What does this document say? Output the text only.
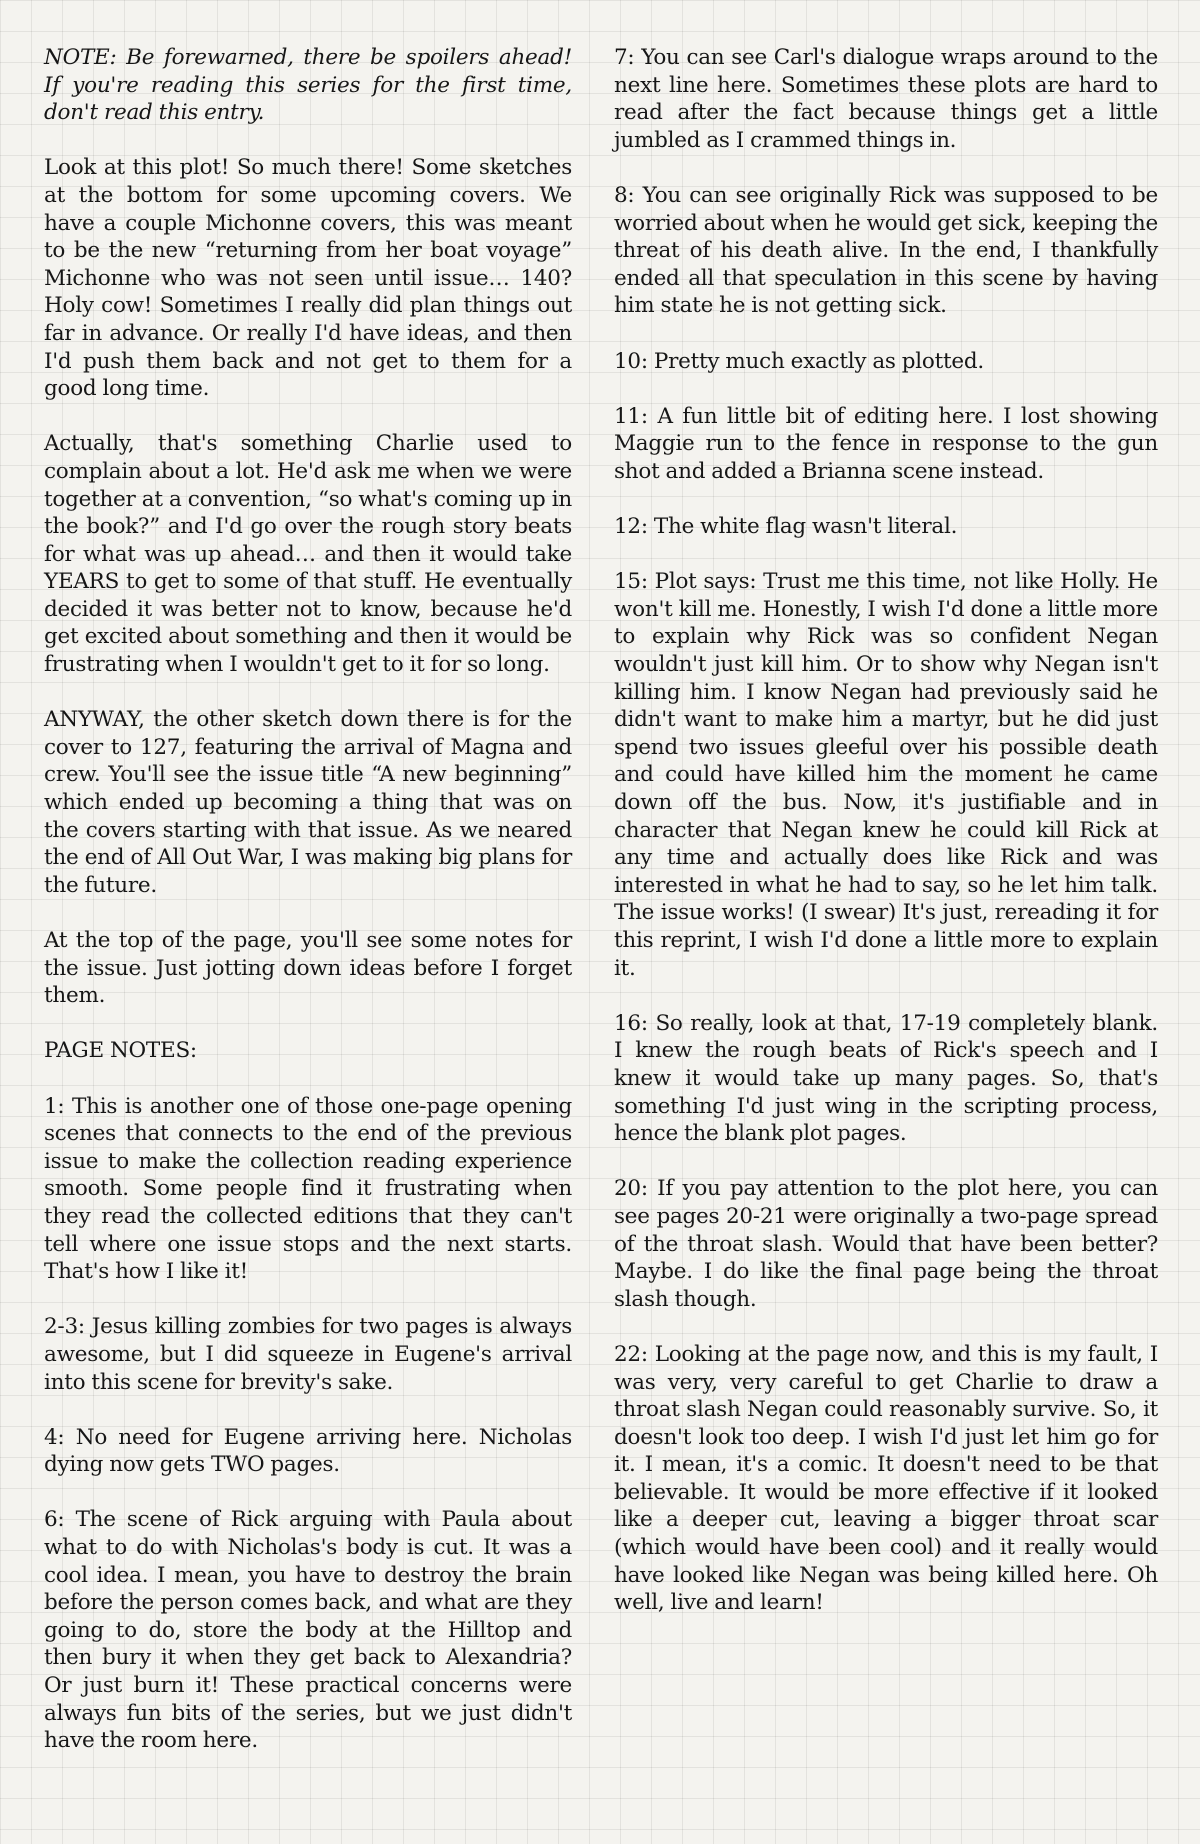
NOTE: Be forewarned, there be spoilers ahead! If you're reading this series for the first time, don't read this entry.

Look at this plot! So much there! Some sketches at the bottom for some upcoming covers. We have a couple Michonne covers, this was meant to be the new “returning from her boat voyage” Michonne who was not seen until issue… 140? Holy cow! Sometimes I really did plan things out far in advance. Or really I'd have ideas, and then I'd push them back and not get to them for a good long time.

Actually, that's something Charlie used to complain about a lot. He'd ask me when we were together at a convention, “so what's coming up in the book?” and I'd go over the rough story beats for what was up ahead… and then it would take YEARS to get to some of that stuff. He eventually decided it was better not to know, because he'd get excited about something and then it would be frustrating when I wouldn't get to it for so long.

ANYWAY, the other sketch down there is for the cover to 127, featuring the arrival of Magna and crew. You'll see the issue title “A new beginning” which ended up becoming a thing that was on the covers starting with that issue. As we neared the end of All Out War, I was making big plans for the future.

At the top of the page, you'll see some notes for the issue. Just jotting down ideas before I forget them.

PAGE NOTES:

1: This is another one of those one-page opening scenes that connects to the end of the previous issue to make the collection reading experience smooth. Some people find it frustrating when they read the collected editions that they can't tell where one issue stops and the next starts. That's how I like it!

2-3: Jesus killing zombies for two pages is always awesome, but I did squeeze in Eugene's arrival into this scene for brevity's sake.

4: No need for Eugene arriving here. Nicholas dying now gets TWO pages.

6: The scene of Rick arguing with Paula about what to do with Nicholas's body is cut. It was a cool idea. I mean, you have to destroy the brain before the person comes back, and what are they going to do, store the body at the Hilltop and then bury it when they get back to Alexandria? Or just burn it! These practical concerns were always fun bits of the series, but we just didn't have the room here.

7: You can see Carl's dialogue wraps around to the next line here. Sometimes these plots are hard to read after the fact because things get a little jumbled as I crammed things in.

8: You can see originally Rick was supposed to be worried about when he would get sick, keeping the threat of his death alive. In the end, I thankfully ended all that speculation in this scene by having him state he is not getting sick.

10: Pretty much exactly as plotted.

11: A fun little bit of editing here. I lost showing Maggie run to the fence in response to the gun shot and added a Brianna scene instead.

12: The white flag wasn't literal.

15: Plot says: Trust me this time, not like Holly. He won't kill me. Honestly, I wish I'd done a little more to explain why Rick was so confident Negan wouldn't just kill him. Or to show why Negan isn't killing him. I know Negan had previously said he didn't want to make him a martyr, but he did just spend two issues gleeful over his possible death and could have killed him the moment he came down off the bus. Now, it's justifiable and in character that Negan knew he could kill Rick at any time and actually does like Rick and was interested in what he had to say, so he let him talk. The issue works! (I swear) It's just, rereading it for this reprint, I wish I'd done a little more to explain it.

16: So really, look at that, 17-19 completely blank. I knew the rough beats of Rick's speech and I knew it would take up many pages. So, that's something I'd just wing in the scripting process, hence the blank plot pages.

20: If you pay attention to the plot here, you can see pages 20-21 were originally a two-page spread of the throat slash. Would that have been better? Maybe. I do like the final page being the throat slash though.

22: Looking at the page now, and this is my fault, I was very, very careful to get Charlie to draw a throat slash Negan could reasonably survive. So, it doesn't look too deep. I wish I'd just let him go for it. I mean, it's a comic. It doesn't need to be that believable. It would be more effective if it looked like a deeper cut, leaving a bigger throat scar (which would have been cool) and it really would have looked like Negan was being killed here. Oh well, live and learn!
